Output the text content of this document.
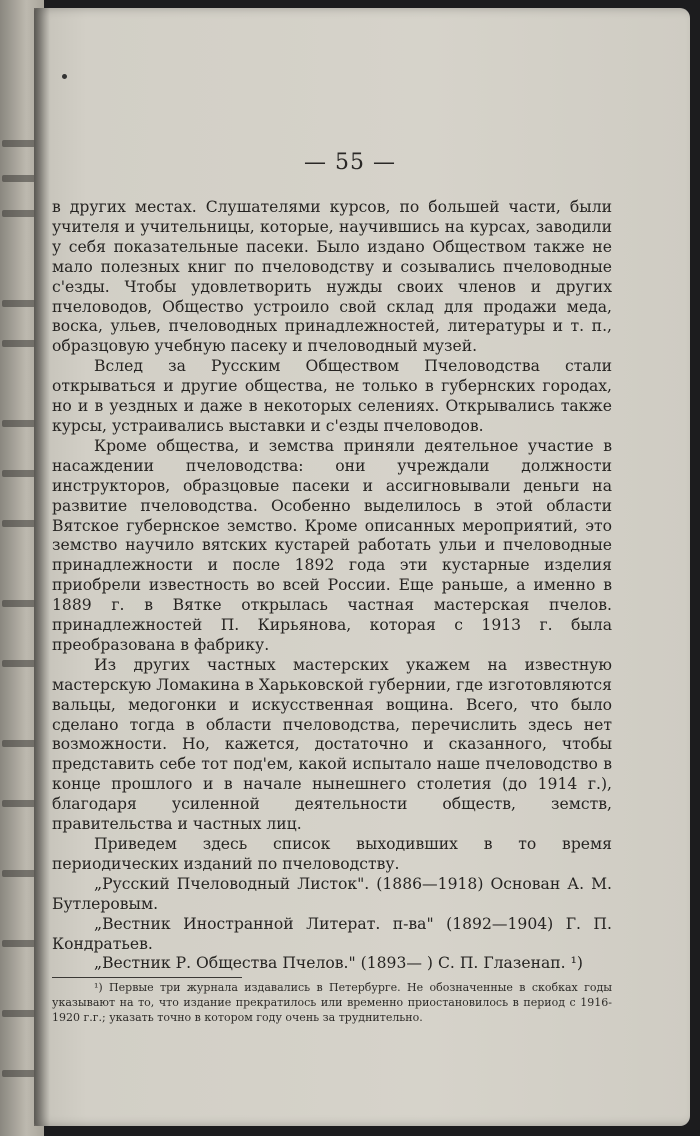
— 55 —

в других местах. Слушателями курсов, по большей части, были учителя и учительницы, которые, научившись на курсах, заводили у себя показательные пасеки. Было издано Обществом также не мало полезных книг по пчеловодству и созывались пчеловодные с'езды. Чтобы удовлетворить нужды своих членов и других пчеловодов, Общество устроило свой склад для продажи меда, воска, ульев, пчеловодных принадлежностей, литературы и т. п., образцовую учебную пасеку и пчеловодный музей.

Вслед за Русским Обществом Пчеловодства стали открываться и другие общества, не только в губернских городах, но и в уездных и даже в некоторых селениях. Открывались также курсы, устраивались выставки и с'езды пчеловодов.

Кроме общества, и земства приняли деятельное участие в насаждении пчеловодства: они учреждали должности инструкторов, образцовые пасеки и ассигновывали деньги на развитие пчеловодства. Особенно выделилось в этой области Вятское губернское земство. Кроме описанных мероприятий, это земство научило вятских кустарей работать ульи и пчеловодные принадлежности и после 1892 года эти кустарные изделия приобрели известность во всей России. Еще раньше, а именно в 1889 г. в Вятке открылась частная мастерская пчелов. принадлежностей П. Кирьянова, которая с 1913 г. была преобразована в фабрику.

Из других частных мастерских укажем на известную мастерскую Ломакина в Харьковской губернии, где изготовляются вальцы, медогонки и искусственная вощина. Всего, что было сделано тогда в области пчеловодства, перечислить здесь нет возможности. Но, кажется, достаточно и сказанного, чтобы представить себе тот под'ем, какой испытало наше пчеловодство в конце прошлого и в начале нынешнего столетия (до 1914 г.), благодаря усиленной деятельности обществ, земств, правительства и частных лиц.

Приведем здесь список выходивших в то время периодических изданий по пчеловодству.

„Русский Пчеловодный Листок". (1886—1918) Основан А. М. Бутлеровым.

„Вестник Иностранной Литерат. п-ва" (1892—1904) Г. П. Кондратьев.

„Вестник Р. Общества Пчелов." (1893— ) С. П. Глазенап. ¹)

¹) Первые три журнала издавались в Петербурге. Не обозначенные в скобках годы указывают на то, что издание прекратилось или временно приостановилось в период с 1916-1920 г.г.; указать точно в котором году очень за труднительно.
